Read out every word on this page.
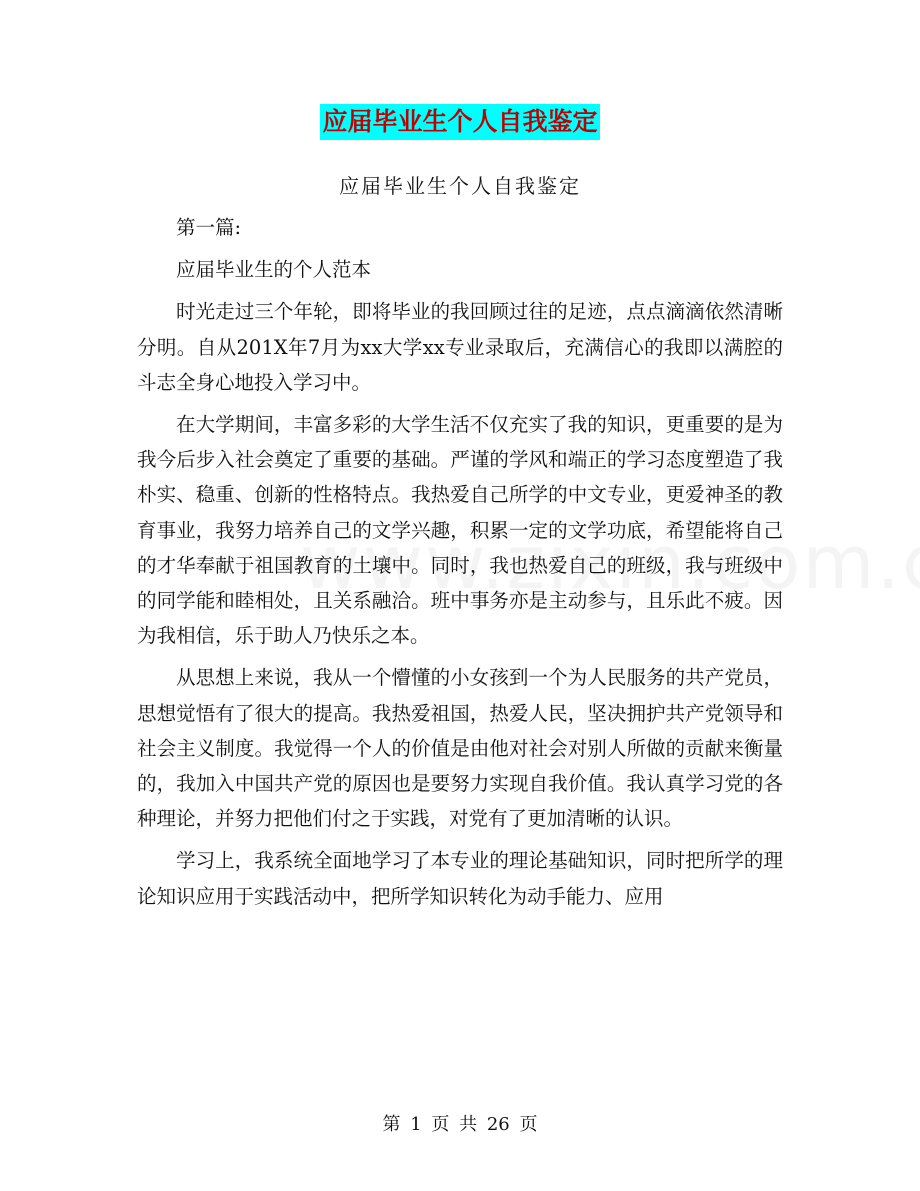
应届毕业生个人自我鉴定
应届毕业生个人自我鉴定

第一篇:

应届毕业生的个人范本

时光走过三个年轮，即将毕业的我回顾过往的足迹，点点滴滴依然清晰分明。自从201X年7月为xx大学xx专业录取后，充满信心的我即以满腔的斗志全身心地投入学习中。

在大学期间，丰富多彩的大学生活不仅充实了我的知识，更重要的是为我今后步入社会奠定了重要的基础。严谨的学风和端正的学习态度塑造了我朴实、稳重、创新的性格特点。我热爱自己所学的中文专业，更爱神圣的教育事业，我努力培养自己的文学兴趣，积累一定的文学功底，希望能将自己的才华奉献于祖国教育的土壤中。同时，我也热爱自己的班级，我与班级中的同学能和睦相处，且关系融洽。班中事务亦是主动参与，且乐此不疲。因为我相信，乐于助人乃快乐之本。

从思想上来说，我从一个懵懂的小女孩到一个为人民服务的共产党员，思想觉悟有了很大的提高。我热爱祖国，热爱人民，坚决拥护共产党领导和社会主义制度。我觉得一个人的价值是由他对社会对别人所做的贡献来衡量的，我加入中国共产党的原因也是要努力实现自我价值。我认真学习党的各种理论，并努力把他们付之于实践，对党有了更加清晰的认识。

学习上，我系统全面地学习了本专业的理论基础知识，同时把所学的理论知识应用于实践活动中，把所学知识转化为动手能力、应用

第 1 页 共 26 页
